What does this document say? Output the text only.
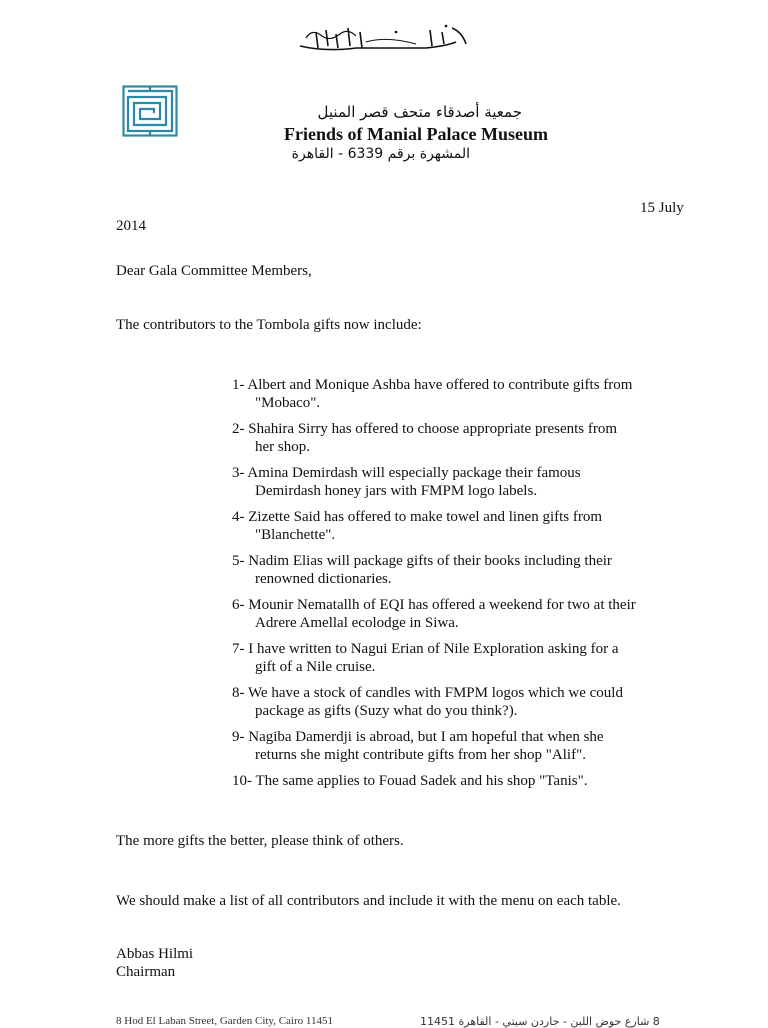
جمعية أصدقاء متحف قصر المنيل
Friends of Manial Palace Museum
المشهرة برقم 6339 - القاهرة
15 July
2014
Dear Gala Committee Members,
The contributors to the Tombola gifts now include:
1- Albert and Monique Ashba have offered to contribute gifts from
"Mobaco".
2- Shahira Sirry has offered to choose appropriate presents from
her shop.
3- Amina Demirdash will especially package their famous
Demirdash honey jars with FMPM logo labels.
4- Zizette Said has offered to make towel and linen gifts from
"Blanchette".
5- Nadim Elias will package gifts of their books including their
renowned dictionaries.
6- Mounir Nematallh of EQI has offered a weekend for two at their
Adrere Amellal ecolodge in Siwa.
7- I have written to Nagui Erian of Nile Exploration asking for a
gift of a Nile cruise.
8- We have a stock of candles with FMPM logos which we could
package as gifts (Suzy what do you think?).
9- Nagiba Damerdji is abroad, but I am hopeful that when she
returns she might contribute gifts from her shop "Alif".
10- The same applies to Fouad Sadek and his shop "Tanis".
The more gifts the better, please think of others.
We should make a list of all contributors and include it with the menu on each table.
Abbas Hilmi
Chairman
8 Hod El Laban Street, Garden City, Cairo 11451	8 شارع حوض اللبن - جاردن سيتي - القاهرة 11451
